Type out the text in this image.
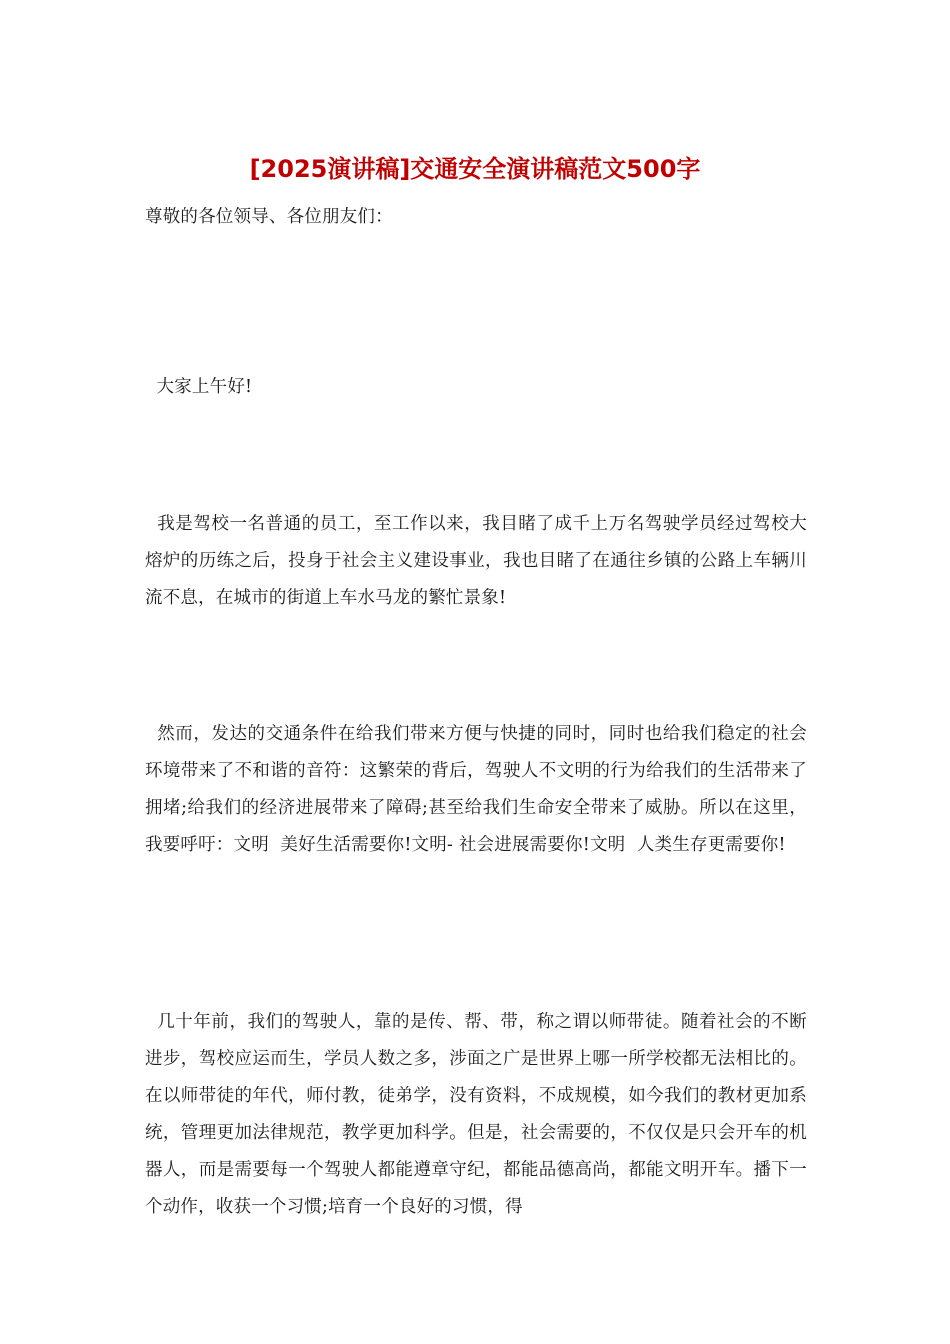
[2025演讲稿]交通安全演讲稿范文500字

尊敬的各位领导、各位朋友们：

大家上午好!

我是驾校一名普通的员工，至工作以来，我目睹了成千上万名驾驶学员经过驾校大熔炉的历练之后，投身于社会主义建设事业，我也目睹了在通往乡镇的公路上车辆川流不息，在城市的街道上车水马龙的繁忙景象!

然而，发达的交通条件在给我们带来方便与快捷的同时，同时也给我们稳定的社会环境带来了不和谐的音符：这繁荣的背后，驾驶人不文明的行为给我们的生活带来了拥堵;给我们的经济进展带来了障碍;甚至给我们生命安全带来了威胁。所以在这里，我要呼吁：文明  美好生活需要你!文明- 社会进展需要你!文明  人类生存更需要你!

几十年前，我们的驾驶人，靠的是传、帮、带，称之谓以师带徒。随着社会的不断进步，驾校应运而生，学员人数之多，涉面之广是世界上哪一所学校都无法相比的。在以师带徒的年代，师付教，徒弟学，没有资料，不成规模，如今我们的教材更加系统，管理更加法律规范，教学更加科学。但是，社会需要的，不仅仅是只会开车的机器人，而是需要每一个驾驶人都能遵章守纪，都能品德高尚，都能文明开车。播下一个动作，收获一个习惯;培育一个良好的习惯，得
